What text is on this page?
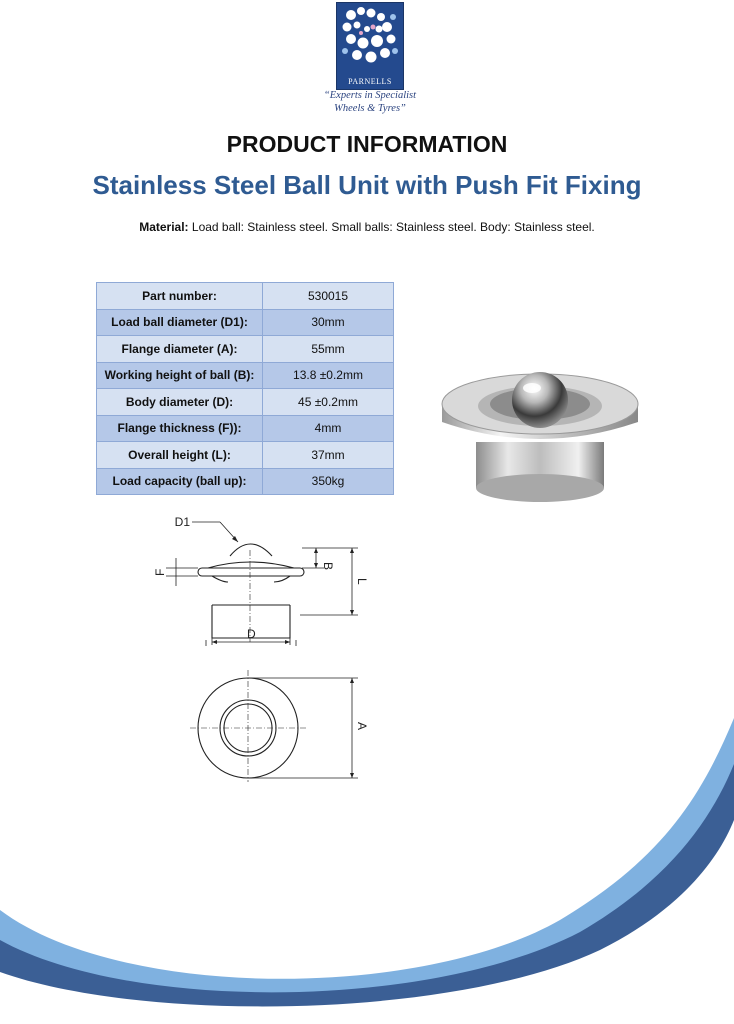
PARNELLS
“Experts in Specialist
Wheels & Tyres”
PRODUCT INFORMATION
Stainless Steel Ball Unit with Push Fit Fixing
Material: Load ball: Stainless steel. Small balls: Stainless steel. Body: Stainless steel.
Part number:	530015
Load ball diameter (D1):	30mm
Flange diameter (A):	55mm
Working height of ball (B):	13.8 ±0.2mm
Body diameter (D):	45 ±0.2mm
Flange thickness (F)):	4mm
Overall height (L):	37mm
Load capacity (ball up):	350kg
D1
B
F
L
D
A
